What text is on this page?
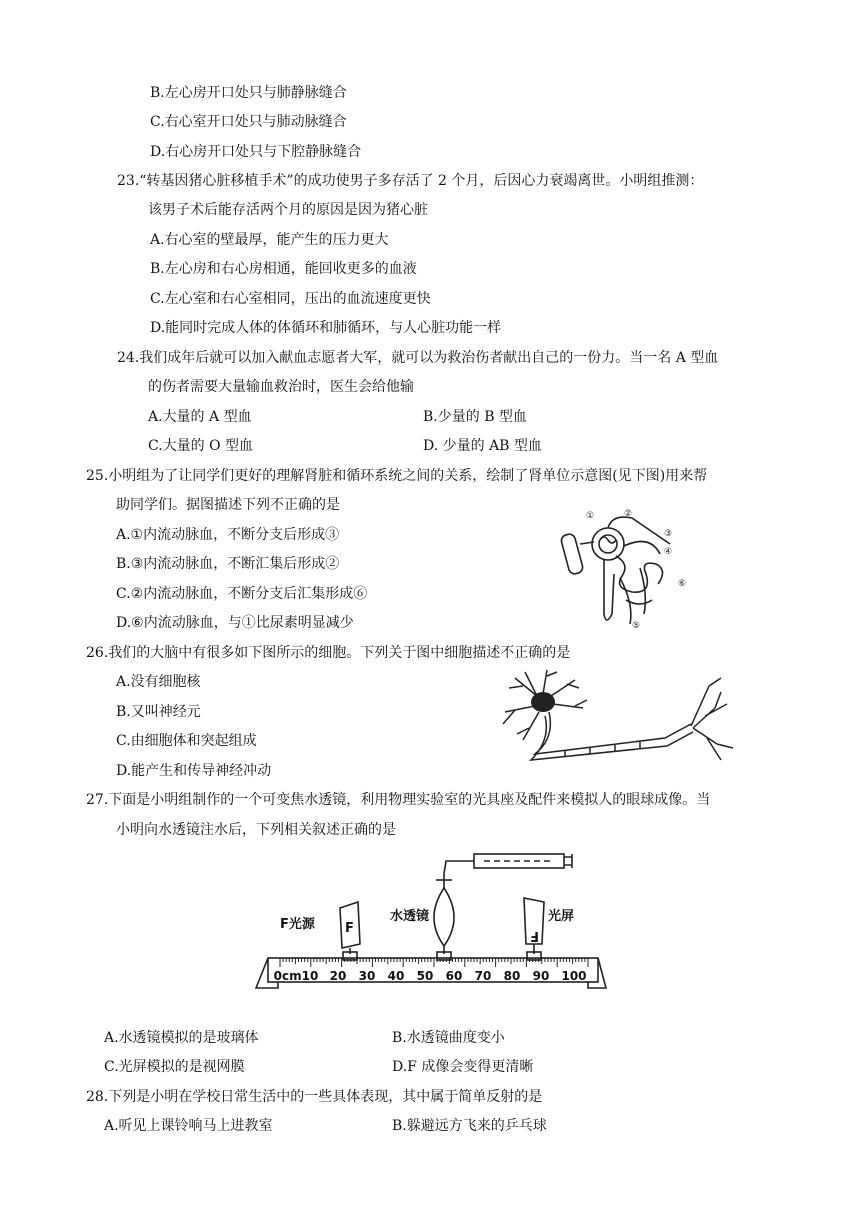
B.左心房开口处只与肺静脉缝合
C.右心室开口处只与肺动脉缝合
D.右心房开口处只与下腔静脉缝合
23.“转基因猪心脏移植手术”的成功使男子多存活了 2 个月，后因心力衰竭离世。小明组推测：
该男子术后能存活两个月的原因是因为猪心脏
A.右心室的壁最厚，能产生的压力更大
B.左心房和右心房相通，能回收更多的血液
C.左心室和右心室相同，压出的血流速度更快
D.能同时完成人体的体循环和肺循环，与人心脏功能一样
24.我们成年后就可以加入献血志愿者大军，就可以为救治伤者献出自己的一份力。当一名 A 型血
的伤者需要大量输血救治时，医生会给他输
A.大量的 A 型血	B.少量的 B 型血
C.大量的 O 型血	D. 少量的 AB 型血
25.小明组为了让同学们更好的理解肾脏和循环系统之间的关系，绘制了肾单位示意图(见下图)用来帮
助同学们。据图描述下列不正确的是
A.①内流动脉血，不断分支后形成③
B.③内流动脉血，不断汇集后形成②
C.②内流动脉血，不断分支后汇集形成⑥
D.⑥内流动脉血，与①比尿素明显减少
①	②
③
④
⑤
⑥
26.我们的大脑中有很多如下图所示的细胞。下列关于图中细胞描述不正确的是
A.没有细胞核
B.又叫神经元
C.由细胞体和突起组成
D.能产生和传导神经冲动
27.下面是小明组制作的一个可变焦水透镜，利用物理实验室的光具座及配件来模拟人的眼球成像。当
小明向水透镜注水后，下列相关叙述正确的是
F光源 F
水透镜	光屏
F
0cm10 20 30 40 50 60 70 80 90 100
A.水透镜模拟的是玻璃体	B.水透镜曲度变小
C.光屏模拟的是视网膜	D.F 成像会变得更清晰
28.下列是小明在学校日常生活中的一些具体表现，其中属于简单反射的是
A.听见上课铃响马上进教室	B.躲避远方飞来的乒乓球
